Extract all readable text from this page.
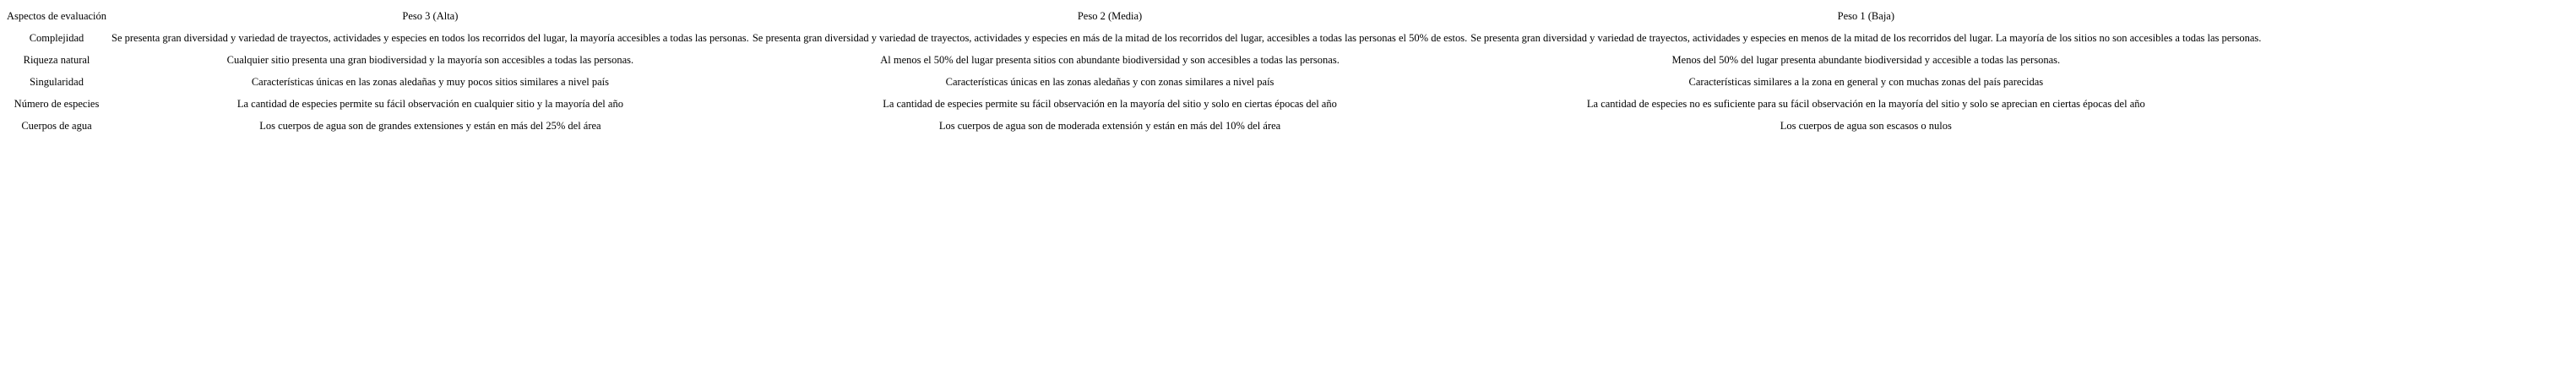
Aspectos de evaluación	Peso 3 (Alta)	Peso 2 (Media)	Peso 1 (Baja)
Complejidad	Se presenta gran diversidad y variedad de trayectos, actividades y especies en todos los recorridos del lugar, la mayoría accesibles a todas las personas.	Se presenta gran diversidad y variedad de trayectos, actividades y especies en más de la mitad de los recorridos del lugar, accesibles a todas las personas el 50% de estos.	Se presenta gran diversidad y variedad de trayectos, actividades y especies en menos de la mitad de los recorridos del lugar. La mayoría de los sitios no son accesibles a todas las personas.
Riqueza natural	Cualquier sitio presenta una gran biodiversidad y la mayoría son accesibles a todas las personas.	Al menos el 50% del lugar presenta sitios con abundante biodiversidad y son accesibles a todas las personas.	Menos del 50% del lugar presenta abundante biodiversidad y accesible a todas las personas.
Singularidad	Características únicas en las zonas aledañas y muy pocos sitios similares a nivel país	Características únicas en las zonas aledañas y con zonas similares a nivel país	Características similares a la zona en general y con muchas zonas del país parecidas
Número de especies	La cantidad de especies permite su fácil observación en cualquier sitio y la mayoría del año	La cantidad de especies permite su fácil observación en la mayoría del sitio y solo en ciertas épocas del año	La cantidad de especies no es suficiente para su fácil observación en la mayoría del sitio y solo se aprecian en ciertas épocas del año
Cuerpos de agua	Los cuerpos de agua son de grandes extensiones y están en más del 25% del área	Los cuerpos de agua son de moderada extensión y están en más del 10% del área	Los cuerpos de agua son escasos o nulos
